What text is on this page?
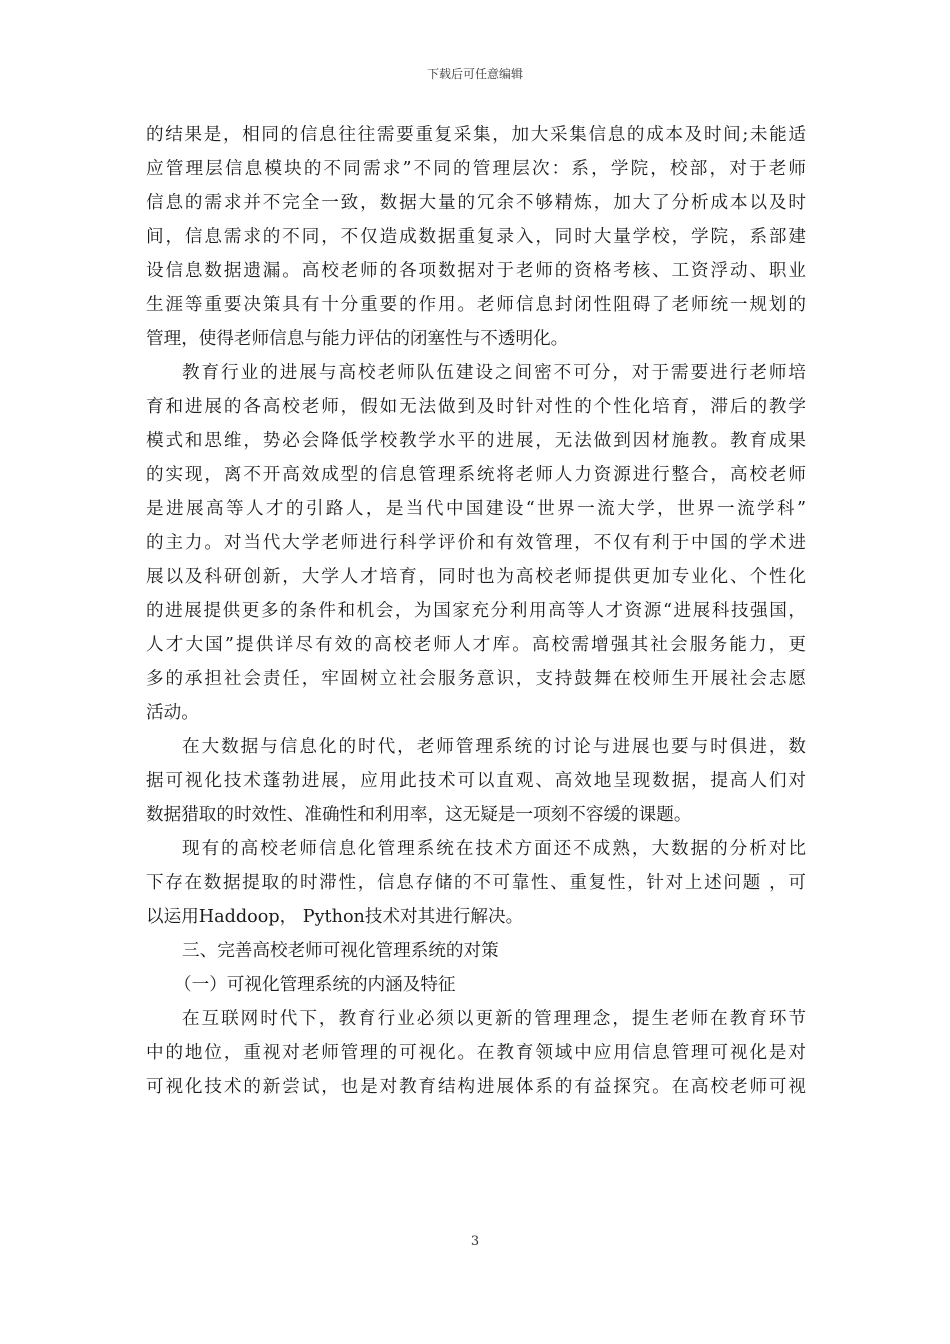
下载后可任意编辑
的结果是，相同的信息往往需要重复采集，加大采集信息的成本及时间;未能适
应管理层信息模块的不同需求”不同的管理层次：系，学院，校部，对于老师
信息的需求并不完全一致，数据大量的冗余不够精炼，加大了分析成本以及时
间，信息需求的不同，不仅造成数据重复录入，同时大量学校，学院，系部建
设信息数据遗漏。高校老师的各项数据对于老师的资格考核、工资浮动、职业
生涯等重要决策具有十分重要的作用。老师信息封闭性阻碍了老师统一规划的
管理，使得老师信息与能力评估的闭塞性与不透明化。
教育行业的进展与高校老师队伍建设之间密不可分，对于需要进行老师培
育和进展的各高校老师，假如无法做到及时针对性的个性化培育，滞后的教学
模式和思维，势必会降低学校教学水平的进展，无法做到因材施教。教育成果
的实现，离不开高效成型的信息管理系统将老师人力资源进行整合，高校老师
是进展高等人才的引路人，是当代中国建设“世界一流大学，世界一流学科”
的主力。对当代大学老师进行科学评价和有效管理，不仅有利于中国的学术进
展以及科研创新，大学人才培育，同时也为高校老师提供更加专业化、个性化
的进展提供更多的条件和机会，为国家充分利用高等人才资源“进展科技强国，
人才大国”提供详尽有效的高校老师人才库。高校需增强其社会服务能力，更
多的承担社会责任，牢固树立社会服务意识，支持鼓舞在校师生开展社会志愿
活动。
在大数据与信息化的时代，老师管理系统的讨论与进展也要与时俱进，数
据可视化技术蓬勃进展，应用此技术可以直观、高效地呈现数据，提高人们对
数据猎取的时效性、准确性和利用率，这无疑是一项刻不容缓的课题。
现有的高校老师信息化管理系统在技术方面还不成熟，大数据的分析对比
下存在数据提取的时滞性，信息存储的不可靠性、重复性，针对上述问题 ，可
以运用Haddoop， Python技术对其进行解决。
三、完善高校老师可视化管理系统的对策
（一）可视化管理系统的内涵及特征
在互联网时代下，教育行业必须以更新的管理理念，提生老师在教育环节
中的地位，重视对老师管理的可视化。在教育领域中应用信息管理可视化是对
可视化技术的新尝试，也是对教育结构进展体系的有益探究。在高校老师可视
3
